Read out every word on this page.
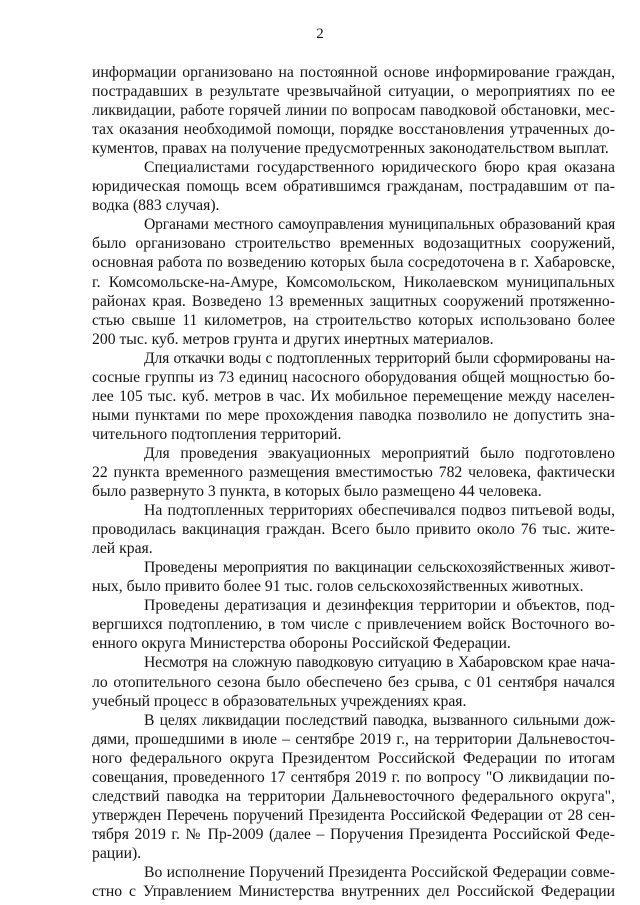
2
информации организовано на постоянной основе информирование граждан,
пострадавших в результате чрезвычайной ситуации, о мероприятиях по ее
ликвидации, работе горячей линии по вопросам паводковой обстановки, мес-
тах оказания необходимой помощи, порядке восстановления утраченных до-
кументов, правах на получение предусмотренных законодательством выплат.
Специалистами государственного юридического бюро края оказана
юридическая помощь всем обратившимся гражданам, пострадавшим от па-
водка (883 случая).
Органами местного самоуправления муниципальных образований края
было организовано строительство временных водозащитных сооружений,
основная работа по возведению которых была сосредоточена в г. Хабаровске,
г. Комсомольске-на-Амуре, Комсомольском, Николаевском муниципальных
районах края. Возведено 13 временных защитных сооружений протяженно-
стью свыше 11 километров, на строительство которых использовано более
200 тыс. куб. метров грунта и других инертных материалов.
Для откачки воды с подтопленных территорий были сформированы на-
сосные группы из 73 единиц насосного оборудования общей мощностью бо-
лее 105 тыс. куб. метров в час. Их мобильное перемещение между населен-
ными пунктами по мере прохождения паводка позволило не допустить зна-
чительного подтопления территорий.
Для проведения эвакуационных мероприятий было подготовлено
22 пункта временного размещения вместимостью 782 человека, фактически
было развернуто 3 пункта, в которых было размещено 44 человека.
На подтопленных территориях обеспечивался подвоз питьевой воды,
проводилась вакцинация граждан. Всего было привито около 76 тыс. жите-
лей края.
Проведены мероприятия по вакцинации сельскохозяйственных живот-
ных, было привито более 91 тыс. голов сельскохозяйственных животных.
Проведены дератизация и дезинфекция территории и объектов, под-
вергшихся подтоплению, в том числе с привлечением войск Восточного во-
енного округа Министерства обороны Российской Федерации.
Несмотря на сложную паводковую ситуацию в Хабаровском крае нача-
ло отопительного сезона было обеспечено без срыва, с 01 сентября начался
учебный процесс в образовательных учреждениях края.
В целях ликвидации последствий паводка, вызванного сильными дож-
дями, прошедшими в июле – сентябре 2019 г., на территории Дальневосточ-
ного федерального округа Президентом Российской Федерации по итогам
совещания, проведенного 17 сентября 2019 г. по вопросу "О ликвидации по-
следствий паводка на территории Дальневосточного федерального округа",
утвержден Перечень поручений Президента Российской Федерации от 28 сен-
тября 2019 г. № Пр-2009 (далее – Поручения Президента Российской Феде-
рации).
Во исполнение Поручений Президента Российской Федерации совме-
стно с Управлением Министерства внутренних дел Российской Федерации
